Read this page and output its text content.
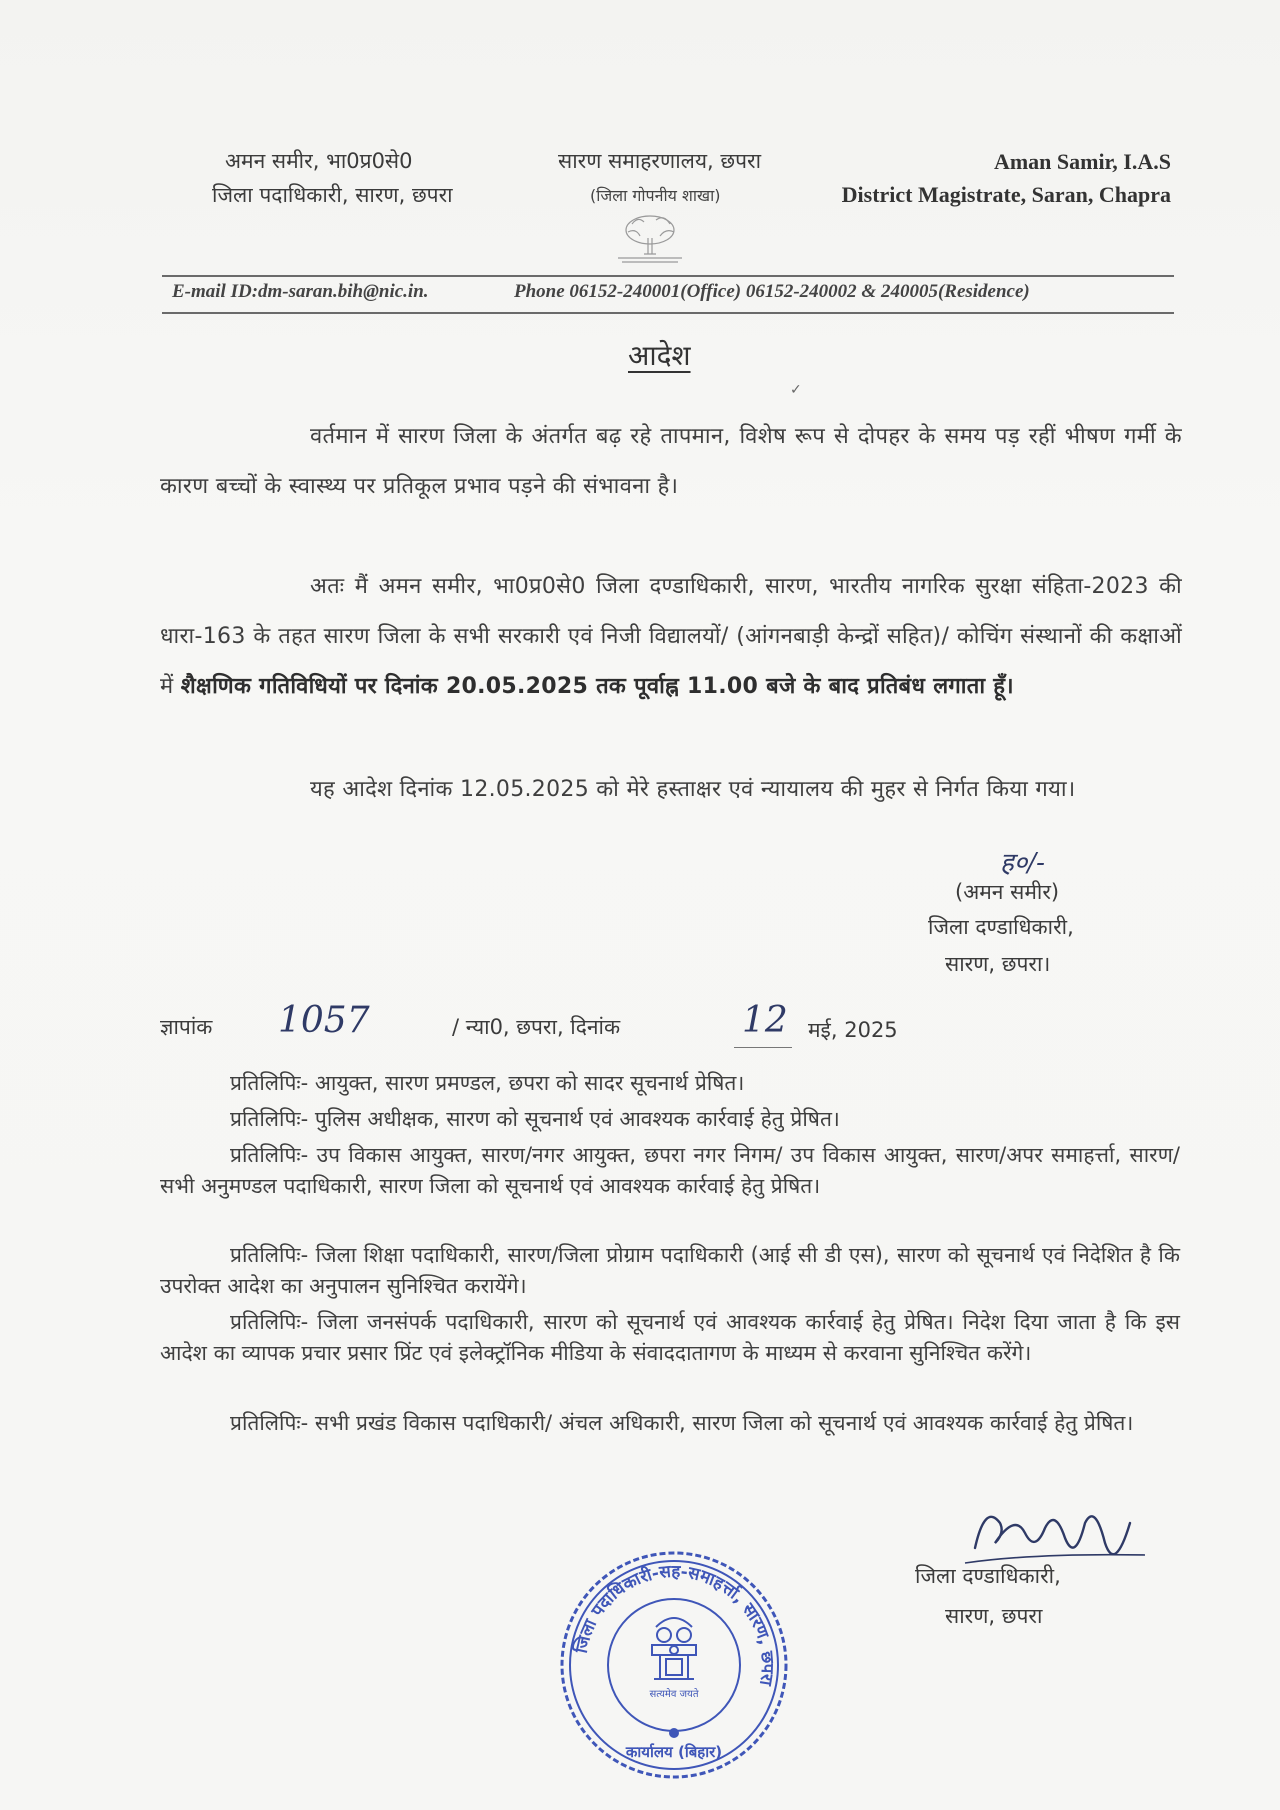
अमन समीर, भा0प्र0से0
जिला पदाधिकारी, सारण, छपरा
सारण समाहरणालय, छपरा
(जिला गोपनीय शाखा)
Aman Samir, I.A.S
District Magistrate, Saran, Chapra
E-mail ID:dm-saran.bih@nic.in.	Phone 06152-240001(Office) 06152-240002 & 240005(Residence)
आदेश
वर्तमान में सारण जिला के अंतर्गत बढ़ रहे तापमान, विशेष रूप से दोपहर के समय पड़ रहीं भीषण गर्मी के कारण बच्चों के स्वास्थ्य पर प्रतिकूल प्रभाव पड़ने की संभावना है।
अतः मैं अमन समीर, भा0प्र0से0 जिला दण्डाधिकारी, सारण, भारतीय नागरिक सुरक्षा संहिता-2023 की धारा-163 के तहत सारण जिला के सभी सरकारी एवं निजी विद्यालयों/ (आंगनबाड़ी केन्द्रों सहित)/ कोचिंग संस्थानों की कक्षाओं में शैक्षणिक गतिविधियों पर दिनांक 20.05.2025 तक पूर्वाह्न 11.00 बजे के बाद प्रतिबंध लगाता हूँ।
यह आदेश दिनांक 12.05.2025 को मेरे हस्ताक्षर एवं न्यायालय की मुहर से निर्गत किया गया।
ह०/-
(अमन समीर)
जिला दण्डाधिकारी,
सारण, छपरा।
ज्ञापांक 1057	/ न्या0, छपरा, दिनांक	12 मई, 2025
प्रतिलिपिः- आयुक्त, सारण प्रमण्डल, छपरा को सादर सूचनार्थ प्रेषित।
प्रतिलिपिः- पुलिस अधीक्षक, सारण को सूचनार्थ एवं आवश्यक कार्रवाई हेतु प्रेषित।
प्रतिलिपिः- उप विकास आयुक्त, सारण/नगर आयुक्त, छपरा नगर निगम/ उप विकास आयुक्त, सारण/अपर समाहर्त्ता, सारण/ सभी अनुमण्डल पदाधिकारी, सारण जिला को सूचनार्थ एवं आवश्यक कार्रवाई हेतु प्रेषित।
प्रतिलिपिः- जिला शिक्षा पदाधिकारी, सारण/जिला प्रोग्राम पदाधिकारी (आई सी डी एस), सारण को सूचनार्थ एवं निदेशित है कि उपरोक्त आदेश का अनुपालन सुनिश्चित करायेंगे।
प्रतिलिपिः- जिला जनसंपर्क पदाधिकारी, सारण को सूचनार्थ एवं आवश्यक कार्रवाई हेतु प्रेषित। निदेश दिया जाता है कि इस आदेश का व्यापक प्रचार प्रसार प्रिंट एवं इलेक्ट्रॉनिक मीडिया के संवाददातागण के माध्यम से करवाना सुनिश्चित करेंगे।
प्रतिलिपिः- सभी प्रखंड विकास पदाधिकारी/ अंचल अधिकारी, सारण जिला को सूचनार्थ एवं आवश्यक कार्रवाई हेतु प्रेषित।
जिला दण्डाधिकारी,
सारण, छपरा
जिला पदाधिकारी-सह-समाहर्त्ता, सारण, छपरा
सत्यमेव जयते
कार्यालय (बिहार)
✓
